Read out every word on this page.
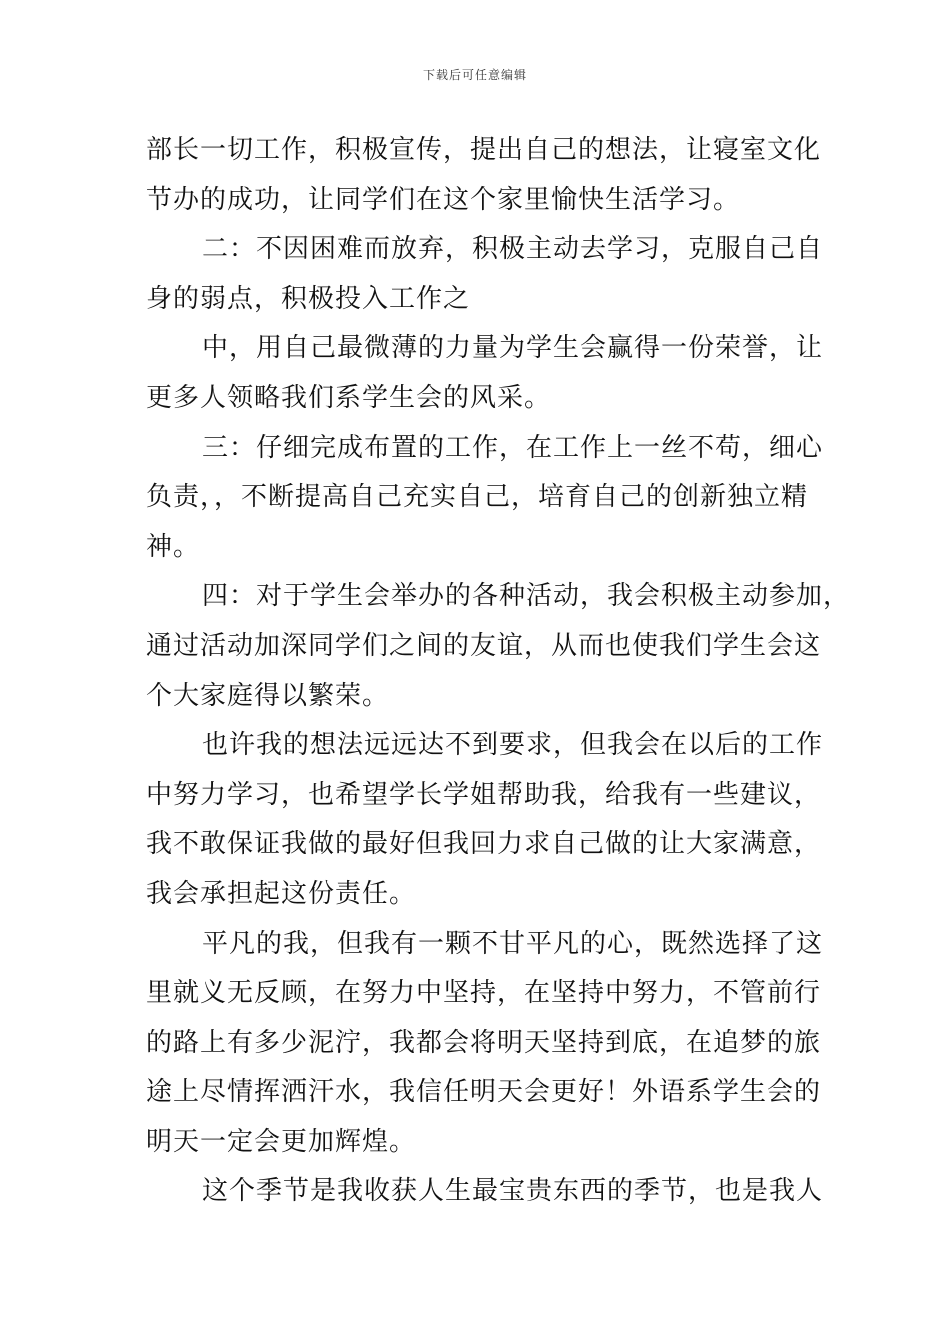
下载后可任意编辑

部长一切工作，积极宣传，提出自己的想法，让寝室文化

节办的成功，让同学们在这个家里愉快生活学习。

二：不因困难而放弃，积极主动去学习，克服自己自

身的弱点，积极投入工作之

中，用自己最微薄的力量为学生会赢得一份荣誉，让

更多人领略我们系学生会的风采。

三：仔细完成布置的工作，在工作上一丝不苟，细心

负责，，不断提高自己充实自己，培育自己的创新独立精

神。

四：对于学生会举办的各种活动，我会积极主动参加，

通过活动加深同学们之间的友谊，从而也使我们学生会这

个大家庭得以繁荣。

也许我的想法远远达不到要求，但我会在以后的工作

中努力学习，也希望学长学姐帮助我，给我有一些建议，

我不敢保证我做的最好但我回力求自己做的让大家满意，

我会承担起这份责任。

平凡的我，但我有一颗不甘平凡的心，既然选择了这

里就义无反顾，在努力中坚持，在坚持中努力，不管前行

的路上有多少泥泞，我都会将明天坚持到底，在追梦的旅

途上尽情挥洒汗水，我信任明天会更好！外语系学生会的

明天一定会更加辉煌。

这个季节是我收获人生最宝贵东西的季节，也是我人
